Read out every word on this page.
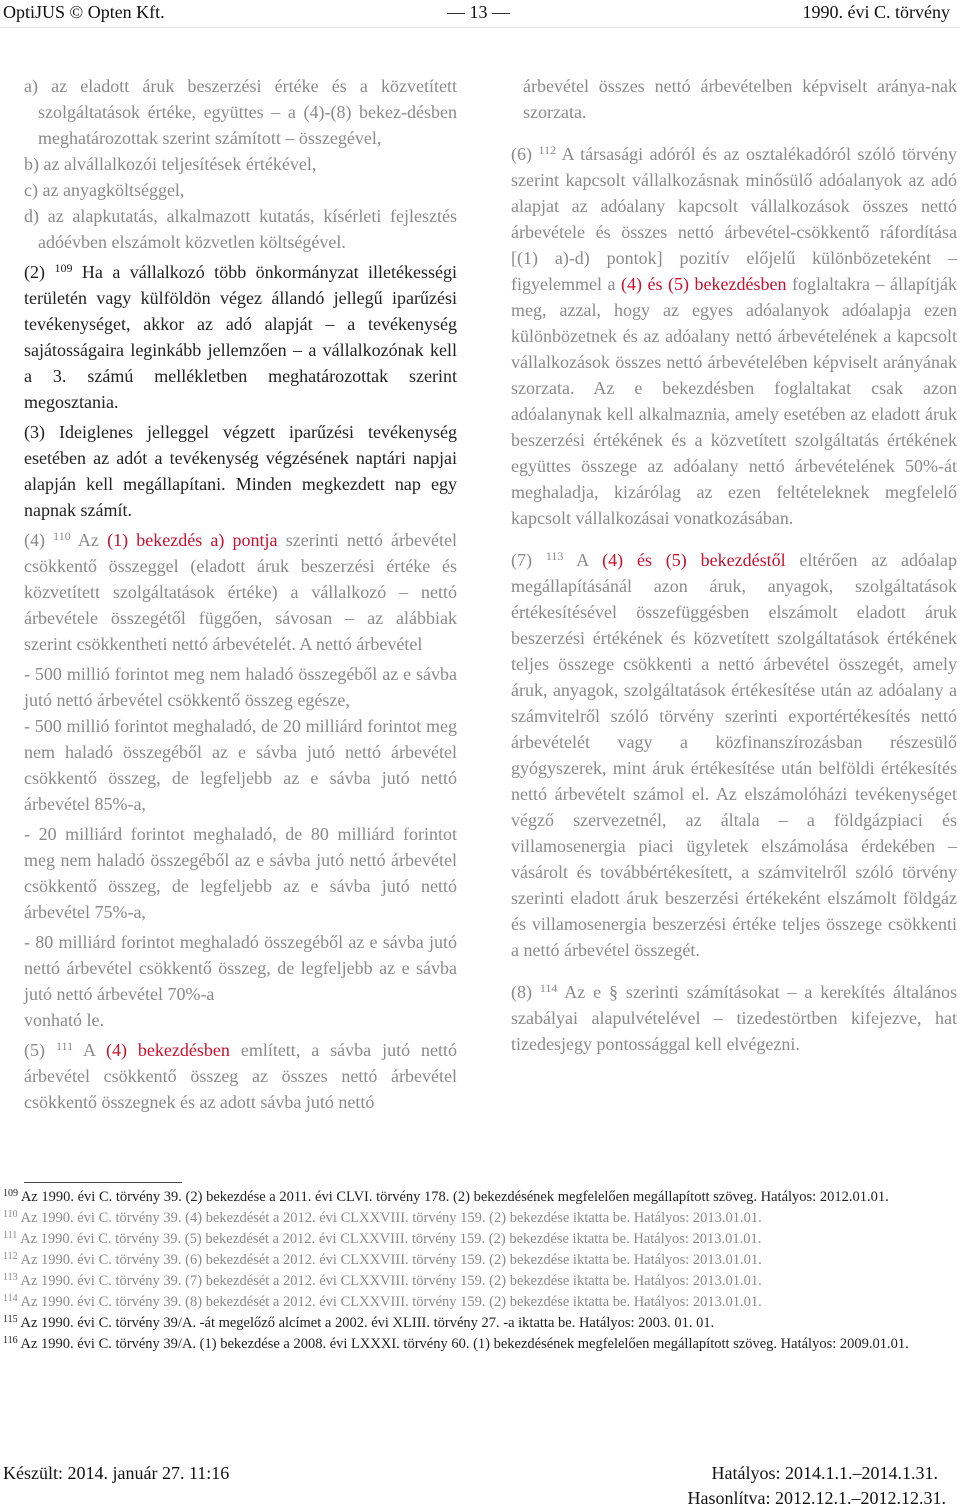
OptiJUS © Opten Kft.	— 13 —	1990. évi C. törvény

a) az eladott áruk beszerzési értéke és a közvetített szolgáltatások értéke, együttes – a (4)-(8) bekez-désben meghatározottak szerint számított – összegével,

b) az alvállalkozói teljesítések értékével,

c) az anyagköltséggel,

d) az alapkutatás, alkalmazott kutatás, kísérleti fejlesztés adóévben elszámolt közvetlen költségével.

(2) $^{109}$ Ha a vállalkozó több önkormányzat illetékességi területén vagy külföldön végez állandó jellegű iparűzési tevékenységet, akkor az adó alapját – a tevékenység sajátosságaira leginkább jellemzően – a vállalkozónak kell a 3. számú mellékletben meghatározottak szerint megosztania.

(3) Ideiglenes jelleggel végzett iparűzési tevékenység esetében az adót a tevékenység végzésének naptári napjai alapján kell megállapítani. Minden megkezdett nap egy napnak számít.

(4) $^{110}$ Az (1) bekezdés a) pontja szerinti nettó árbevétel csökkentő összeggel (eladott áruk beszerzési értéke és közvetített szolgáltatások értéke) a vállalkozó – nettó árbevétele összegétől függően, sávosan – az alábbiak szerint csökkentheti nettó árbevételét. A nettó árbevétel

- 500 millió forintot meg nem haladó összegéből az e sávba jutó nettó árbevétel csökkentő összeg egésze,

- 500 millió forintot meghaladó, de 20 milliárd forintot meg nem haladó összegéből az e sávba jutó nettó árbevétel csökkentő összeg, de legfeljebb az e sávba jutó nettó árbevétel 85%-a,

- 20 milliárd forintot meghaladó, de 80 milliárd forintot meg nem haladó összegéből az e sávba jutó nettó árbevétel csökkentő összeg, de legfeljebb az e sávba jutó nettó árbevétel 75%-a,

- 80 milliárd forintot meghaladó összegéből az e sávba jutó nettó árbevétel csökkentő összeg, de legfeljebb az e sávba jutó nettó árbevétel 70%-a

vonható le.

(5) $^{111}$ A (4) bekezdésben említett, a sávba jutó nettó árbevétel csökkentő összeg az összes nettó árbevétel csökkentő összegnek és az adott sávba jutó nettó

árbevétel összes nettó árbevételben képviselt aránya-nak szorzata.

(6) $^{112}$ A társasági adóról és az osztalékadóról szóló törvény szerint kapcsolt vállalkozásnak minősülő adóalanyok az adó alapjat az adóalany kapcsolt vállalkozások összes nettó árbevétele és összes nettó árbevétel-csökkentő ráfordítása [(1) a)-d) pontok] pozitív előjelű különbözeteként – figyelemmel a (4) és (5) bekezdésben foglaltakra – állapítják meg, azzal, hogy az egyes adóalanyok adóalapja ezen különbözetnek és az adóalany nettó árbevételének a kapcsolt vállalkozások összes nettó árbevételében képviselt arányának szorzata. Az e bekezdésben foglaltakat csak azon adóalanynak kell alkalmaznia, amely esetében az eladott áruk beszerzési értékének és a közvetített szolgáltatás értékének együttes összege az adóalany nettó árbevételének 50%-át meghaladja, kizárólag az ezen feltételeknek megfelelő kapcsolt vállalkozásai vonatkozásában.

(7) $^{113}$ A (4) és (5) bekezdéstől eltérően az adóalap megállapításánál azon áruk, anyagok, szolgáltatások értékesítésével összefüggésben elszámolt eladott áruk beszerzési értékének és közvetített szolgáltatások értékének teljes összege csökkenti a nettó árbevétel összegét, amely áruk, anyagok, szolgáltatások értékesítése után az adóalany a számvitelről szóló törvény szerinti exportértékesítés nettó árbevételét vagy a közfinanszírozásban részesülő gyógyszerek, mint áruk értékesítése után belföldi értékesítés nettó árbevételt számol el. Az elszámolóházi tevékenységet végző szervezetnél, az általa – a földgázpiaci és villamosenergia piaci ügyletek elszámolása érdekében – vásárolt és továbbértékesített, a számvitelről szóló törvény szerinti eladott áruk beszerzési értékeként elszámolt földgáz és villamosenergia beszerzési értéke teljes összege csökkenti a nettó árbevétel összegét.

(8) $^{114}$ Az e § szerinti számításokat – a kerekítés általános szabályai alapulvételével – tizedestörtben kifejezve, hat tizedesjegy pontossággal kell elvégezni.

$^{109}$ Az 1990. évi C. törvény 39. (2) bekezdése a 2011. évi CLVI. törvény 178. (2) bekezdésének megfelelően megállapított szöveg. Hatályos: 2012.01.01.

$^{110}$ Az 1990. évi C. törvény 39. (4) bekezdését a 2012. évi CLXXVIII. törvény 159. (2) bekezdése iktatta be. Hatályos: 2013.01.01.

$^{111}$ Az 1990. évi C. törvény 39. (5) bekezdését a 2012. évi CLXXVIII. törvény 159. (2) bekezdése iktatta be. Hatályos: 2013.01.01.

$^{112}$ Az 1990. évi C. törvény 39. (6) bekezdését a 2012. évi CLXXVIII. törvény 159. (2) bekezdése iktatta be. Hatályos: 2013.01.01.

$^{113}$ Az 1990. évi C. törvény 39. (7) bekezdését a 2012. évi CLXXVIII. törvény 159. (2) bekezdése iktatta be. Hatályos: 2013.01.01.

$^{114}$ Az 1990. évi C. törvény 39. (8) bekezdését a 2012. évi CLXXVIII. törvény 159. (2) bekezdése iktatta be. Hatályos: 2013.01.01.

$^{115}$ Az 1990. évi C. törvény 39/A. -át megelőző alcímet a 2002. évi XLIII. törvény 27. -a iktatta be. Hatályos: 2003. 01. 01.

$^{116}$ Az 1990. évi C. törvény 39/A. (1) bekezdése a 2008. évi LXXXI. törvény 60. (1) bekezdésének megfelelően megállapított szöveg. Hatályos: 2009.01.01.

Készült: 2014. január 27. 11:16	Hatályos: 2014.1.1.–2014.1.31.
Hasonlítva: 2012.12.1.–2012.12.31.
